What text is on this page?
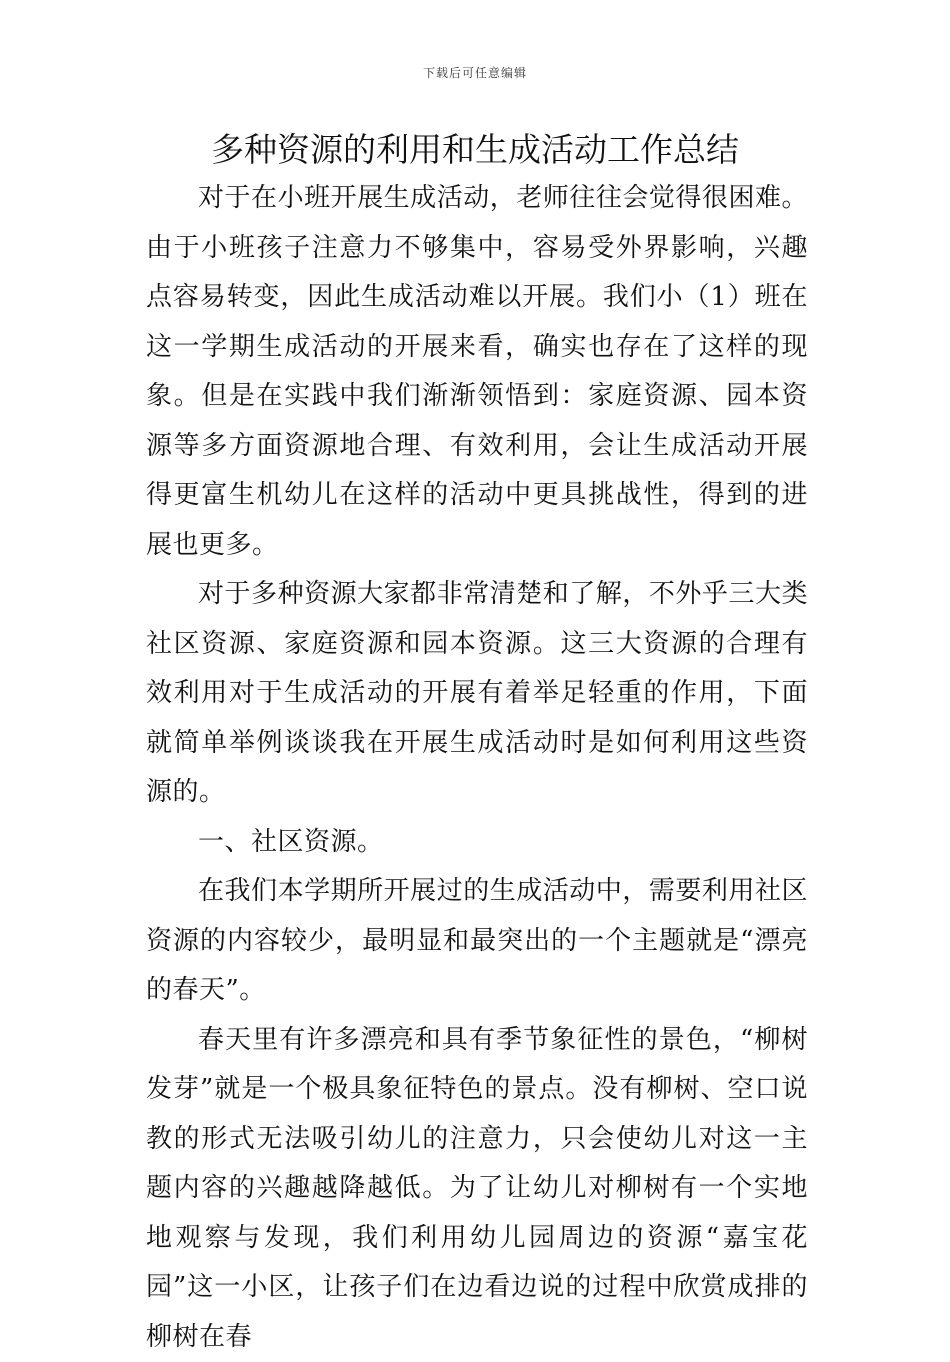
下载后可任意编辑
多种资源的利用和生成活动工作总结

对于在小班开展生成活动，老师往往会觉得很困难。由于小班孩子注意力不够集中，容易受外界影响，兴趣点容易转变，因此生成活动难以开展。我们小（1）班在这一学期生成活动的开展来看，确实也存在了这样的现象。但是在实践中我们渐渐领悟到：家庭资源、园本资源等多方面资源地合理、有效利用，会让生成活动开展得更富生机幼儿在这样的活动中更具挑战性，得到的进展也更多。

对于多种资源大家都非常清楚和了解，不外乎三大类社区资源、家庭资源和园本资源。这三大资源的合理有效利用对于生成活动的开展有着举足轻重的作用，下面就简单举例谈谈我在开展生成活动时是如何利用这些资源的。

一、社区资源。

在我们本学期所开展过的生成活动中，需要利用社区资源的内容较少，最明显和最突出的一个主题就是“漂亮的春天”。

春天里有许多漂亮和具有季节象征性的景色，“柳树发芽”就是一个极具象征特色的景点。没有柳树、空口说教的形式无法吸引幼儿的注意力，只会使幼儿对这一主题内容的兴趣越降越低。为了让幼儿对柳树有一个实地地观察与发现，我们利用幼儿园周边的资源“嘉宝花园”这一小区，让孩子们在边看边说的过程中欣赏成排的柳树在春
